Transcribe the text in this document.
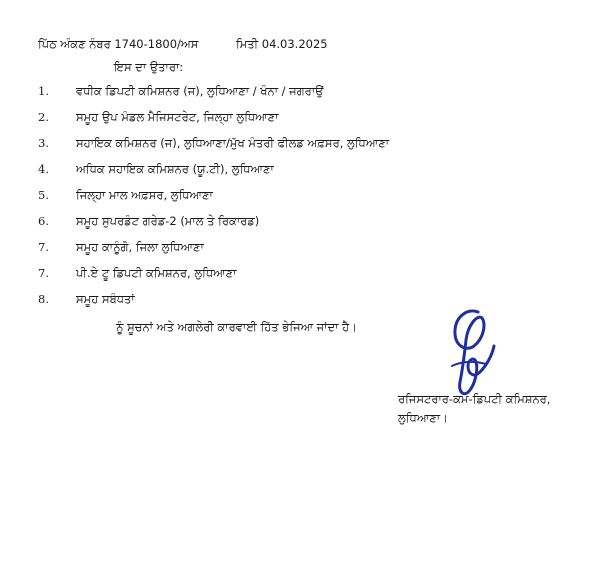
ਪਿੱਠ ਅੰਕਣ ਨੰਬਰ 1740-1800/ਅਸ	ਮਿਤੀ 04.03.2025
ਇਸ ਦਾ ਉਤਾਰਾ:
1. ਵਧੀਕ ਡਿਪਟੀ ਕਮਿਸ਼ਨਰ (ਜ), ਲੁਧਿਆਣਾ / ਖੰਨਾ / ਜਗਰਾਉਂ
2. ਸਮੂਹ ਉਪ ਮੰਡਲ ਮੈਜਿਸਟਰੇਟ, ਜਿਲ੍ਹਾ ਲੁਧਿਆਣਾ
3. ਸਹਾਇਕ ਕਮਿਸ਼ਨਰ (ਜ), ਲੁਧਿਆਣਾ/ਮੁੱਖ ਮੰਤਰੀ ਫੀਲਡ ਅਫ਼ਸਰ, ਲੁਧਿਆਣਾ
4. ਅਧਿਕ ਸਹਾਇਕ ਕਮਿਸ਼ਨਰ (ਯੂ.ਟੀ), ਲੁਧਿਆਣਾ
5. ਜਿਲ੍ਹਾ ਮਾਲ ਅਫ਼ਸਰ, ਲੁਧਿਆਣਾ
6. ਸਮੂਹ ਸੁਪਰਡੰਟ ਗਰੇਡ-2 (ਮਾਲ ਤੇ ਰਿਕਾਰਡ)
7. ਸਮੂਹ ਕਾਨੂੰਗੋ, ਜਿਲਾ ਲੁਧਿਆਣਾ
7. ਪੀ.ਏ ਟੂ ਡਿਪਟੀ ਕਮਿਸ਼ਨਰ, ਲੁਧਿਆਣਾ
8. ਸਮੂਹ ਸਬੰਧਤਾਂ
ਨੂੰ ਸੂਚਨਾਂ ਅਤੇ ਅਗਲੇਰੀ ਕਾਰਵਾਈ ਹਿੱਤ ਭੇਜਿਆ ਜਾਂਦਾ ਹੈ।
ਰਜਿਸਟਰਾਰ-ਕਮ-ਡਿਪਟੀ ਕਮਿਸ਼ਨਰ,
ਲੁਧਿਆਣਾ।
